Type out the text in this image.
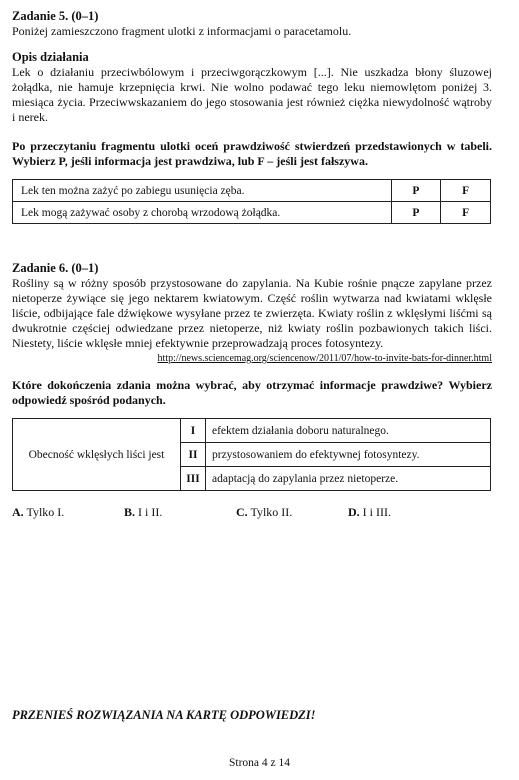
Zadanie 5. (0–1)

Poniżej zamieszczono fragment ulotki z informacjami o paracetamolu.

Opis działania

Lek o działaniu przeciwbólowym i przeciwgorączkowym [...]. Nie uszkadza błony śluzowej żołądka, nie hamuje krzepnięcia krwi. Nie wolno podawać tego leku niemowlętom poniżej 3. miesiąca życia. Przeciwwskazaniem do jego stosowania jest również ciężka niewydolność wątroby i nerek.

Po przeczytaniu fragmentu ulotki oceń prawdziwość stwierdzeń przedstawionych w tabeli. Wybierz P, jeśli informacja jest prawdziwa, lub F – jeśli jest fałszywa.

Lek ten można zażyć po zabiegu usunięcia zęba.	P	F
Lek mogą zażywać osoby z chorobą wrzodową żołądka.	P	F

Zadanie 6. (0–1)

Rośliny są w różny sposób przystosowane do zapylania. Na Kubie rośnie pnącze zapylane przez nietoperze żywiące się jego nektarem kwiatowym. Część roślin wytwarza nad kwiatami wklęsłe liście, odbijające fale dźwiękowe wysyłane przez te zwierzęta. Kwiaty roślin z wklęsłymi liśćmi są dwukrotnie częściej odwiedzane przez nietoperze, niż kwiaty roślin pozbawionych takich liści. Niestety, liście wklęsłe mniej efektywnie przeprowadzają proces fotosyntezy.

http://news.sciencemag.org/sciencenow/2011/07/how-to-invite-bats-for-dinner.html

Które dokończenia zdania można wybrać, aby otrzymać informacje prawdziwe? Wybierz odpowiedź spośród podanych.

Obecność wklęsłych liści jest	I	efektem działania doboru naturalnego.
	II	przystosowaniem do efektywnej fotosyntezy.
	III	adaptacją do zapylania przez nietoperze.
A. Tylko I.	B. I i II.	C. Tylko II.	D. I i III.
PRZENIEŚ ROZWIĄZANIA NA KARTĘ ODPOWIEDZI!
Strona 4 z 14
